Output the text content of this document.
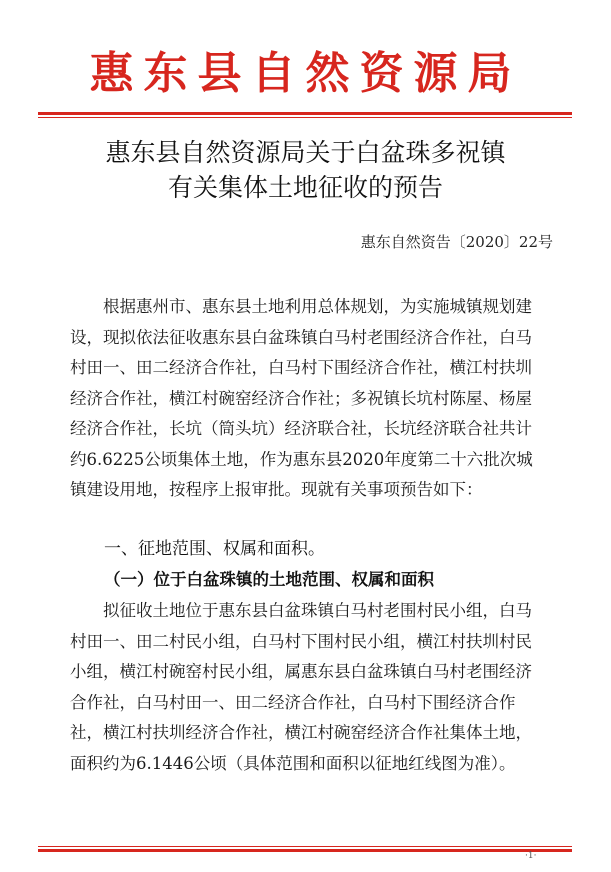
惠东县自然资源局
惠东县自然资源局关于白盆珠多祝镇
有关集体土地征收的预告
惠东自然资告〔2020〕22号
根据惠州市、惠东县土地利用总体规划，为实施城镇规划建设，现拟依法征收惠东县白盆珠镇白马村老围经济合作社，白马村田一、田二经济合作社，白马村下围经济合作社，横江村扶圳经济合作社，横江村碗窑经济合作社；多祝镇长坑村陈屋、杨屋经济合作社，长坑（筒头坑）经济联合社，长坑经济联合社共计约6.6225公顷集体土地，作为惠东县2020年度第二十六批次城镇建设用地，按程序上报审批。现就有关事项预告如下：
一、征地范围、权属和面积。
（一）位于白盆珠镇的土地范围、权属和面积
拟征收土地位于惠东县白盆珠镇白马村老围村民小组，白马村田一、田二村民小组，白马村下围村民小组，横江村扶圳村民小组，横江村碗窑村民小组，属惠东县白盆珠镇白马村老围经济合作社，白马村田一、田二经济合作社，白马村下围经济合作社，横江村扶圳经济合作社，横江村碗窑经济合作社集体土地，面积约为6.1446公顷（具体范围和面积以征地红线图为准）。
·1·
